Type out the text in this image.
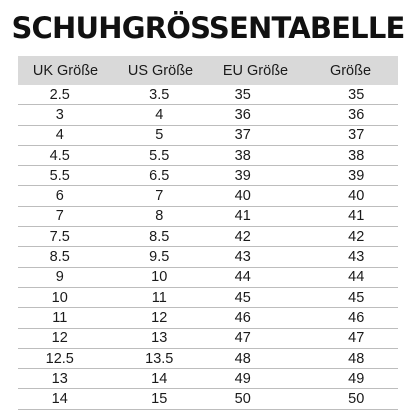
SCHUHGRÖSSENTABELLE
UK Größe	US Größe	EU Größe	Größe
2.5	3.5	35	35
3	4	36	36
4	5	37	37
4.5	5.5	38	38
5.5	6.5	39	39
6	7	40	40
7	8	41	41
7.5	8.5	42	42
8.5	9.5	43	43
9	10	44	44
10	11	45	45
11	12	46	46
12	13	47	47
12.5	13.5	48	48
13	14	49	49
14	15	50	50
